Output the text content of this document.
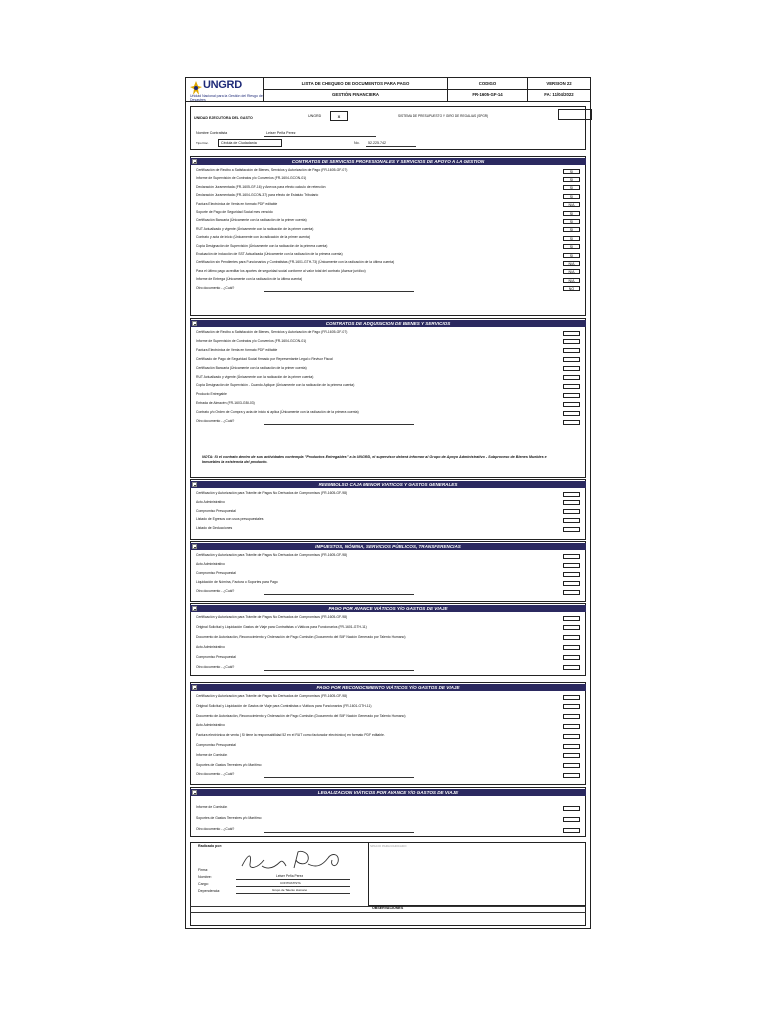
UNGRD
Unidad Nacional para la Gestión del Riesgo de Desastres
LISTA DE CHEQUEO DE DOCUMENTOS PARA PAGO	CODIGO	VERSION 22
GESTIÓN FINANCIERA	FR-1605-GF-14	FA: 11/04/2022
UNIDAD EJECUTORA DEL GASTO	UNGRD	X	SISTEMA DE PRESUPUESTO Y GIRO DE REGALIAS (SPGR)
Nombre Contratista	Leiser Peña Perez
Tipo Doc.	Cédula de Ciudadanía	No. 52.225.742
CONTRATOS DE SERVICIOS PROFESIONALES Y SERVICIOS DE APOYO A LA GESTION
Certificación de Recibo a Satisfacción de Bienes, Servicios y Autorización de Pago (FR-1605-GF-07)	SI
Informe de Supervisión de Contratos y/o Convenios (FR-1604-GCON-01)	SI
Declaración Juramentada (FR-1605-GF-16) y Anexos para efecto calculo de retención	SI
Declaración Juramentada (FR-1604-GCON-37) para efecto de Estatuto Tributario	SI
Factura Electrónica de Venta en formato PDF editable	N/A
Soporte de Pago de Seguridad Social mes vencido	SI
Certificación Bancaria (Únicamente con la radicación de la primer cuenta)	SI
RUT Actualizado y vigente (Únicamente con la radicación de la primer cuenta)	SI
Contrato y acta de inicio (Únicamente con la radicación de la primer cuenta)	SI
Copia Designación de Supervisión (Únicamente con la radicación de la primera cuenta)	SI
Evaluación de inducción de SST Actualizada (Únicamente con la radicación de la primera cuenta)	SI
Certificación sin Pendientes para Funcionarios y Contratistas (FR-1601-GTH-73) (Únicamente con la radicación de la última cuenta)	N/A
Para el último pago acreditar los aportes de seguridad social conforme al valor total del contrato (Asesor jurídico)	N/A
Informe de Entrega (Únicamente con la radicación de la última cuenta)	N/A
Otro documento - ¿Cuál?	NO
CONTRATOS DE ADQUISICION DE BIENES Y SERVICIOS
Certificación de Recibo a Satisfacción de Bienes, Servicios y Autorización de Pago (FR-1605-GF-07)
Informe de Supervisión de Contratos y/o Convenios (FR-1604-GCON-01)
Factura Electrónica de Venta en formato PDF editable
Certificado de Pago de Seguridad Social firmado por Representante Legal o Revisor Fiscal
Certificación Bancaria (Únicamente con la radicación de la primer cuenta)
RUT Actualizado y vigente (Únicamente con la radicación de la primer cuenta)
Copia Designación de Supervisión - Cuando Aplique (Únicamente con la radicación de la primera cuenta)
Producto Entregable
Entrada de Almacén (FR-1603-GBI-03)
Contrato y/o Orden de Compra y acta de inicio si aplica (Únicamente con la radicación de la primera cuenta)
Otro documento - ¿Cuál?
NOTA: Si el contrato dentro de sus actividades contempla "Productos Entregables" a la UNGRD, el supervisor deberá informar al Grupo de Apoyo Administrativo - Subproceso de Bienes Muebles e Inmuebles la existencia del producto.
REEMBOLSO CAJA MENOR VIATICOS Y GASTOS GENERALES
Certificación y Autorización para Trámite de Pagos No Derivados de Compromisos (FR-1605-GF-98)
Acto Administrativo
Compromiso Presupuestal
Listado de Egresos con usos presupuestales
Listado de Deducciones
IMPUESTOS, NÓMINA, SERVICIOS PÚBLICOS, TRANSFERENCIAS
Certificación y Autorización para Trámite de Pagos No Derivados de Compromisos (FR-1605-GF-98)
Acto Administrativo
Compromiso Presupuestal
Liquidación de Nómina, Factura o Soportes para Pago
Otro documento - ¿Cuál?
PAGO POR AVANCE VIÁTICOS Y/O GASTOS DE VIAJE
Certificación y Autorización para Trámite de Pagos No Derivados de Compromisos (FR-1605-GF-98)
Original Solicitud y Liquidación Gastos de Viaje para Contratistas o Viáticos para Funcionarios (FR-1601-GTH-11)
Documento de Autorización, Reconocimiento y Ordenación de Pago Comisión (Documento del SIIF Nación Generado por Talento Humano)
Acto Administrativo
Compromiso Presupuestal
Otro documento - ¿Cuál?
PAGO POR RECONOCIMIENTO VIÁTICOS Y/O GASTOS DE VIAJE
Certificación y Autorización para Trámite de Pagos No Derivados de Compromisos (FR-1605-GF-98)
Original Solicitud y Liquidación de Gastos de Viaje para Contratistas o Viáticos para Funcionarios (FR-1601-GTH-11)
Documento de Autorización, Reconocimiento y Ordenación de Pago Comisión (Documento del SIIF Nación Generado por Talento Humano)
Acto Administrativo
Factura electrónica de venta ( Si tiene la responsabilidad 52 en el RUT como facturador electrónico) en formato PDF editable.
Compromiso Presupuestal
Informe de Comisión
Soportes de Gastos Terrestres y/o Marítimo
Otro documento - ¿Cuál?
LEGALIZACION VIÁTICOS POR AVANCE Y/O GASTOS DE VIAJE
Informe de Comisión
Soportes de Gastos Terrestres y/o Marítimo
Otro documento - ¿Cuál?
Radicado por:	SPACIO PARA RADICADO
Firma:
Nombre:	Leiser Peña Perez
Cargo:	CONTRATISTA
Dependencia:	Grupo de Talento Humano
OBSERVACIONES
